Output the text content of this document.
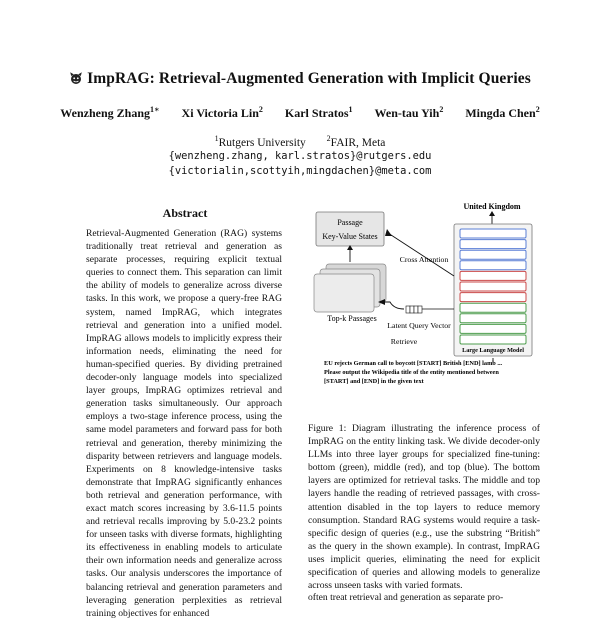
ImpRAG: Retrieval-Augmented Generation with Implicit Queries
Wenzheng Zhang$^{1∗}$ Xi Victoria Lin$^2$ Karl Stratos$^1$ Wen-tau Yih$^2$ Mingda Chen$^2$
$^1$Rutgers University	$^2$FAIR, Meta
{wenzheng.zhang, karl.stratos}@rutgers.edu
{victorialin,scottyih,mingdachen}@meta.com
Abstract
Retrieval-Augmented Generation (RAG) systems traditionally treat retrieval and generation as separate processes, requiring explicit textual queries to connect them. This separation can limit the ability of models to generalize across diverse tasks. In this work, we propose a query-free RAG system, named ImpRAG, which integrates retrieval and generation into a unified model. ImpRAG allows models to implicitly express their information needs, eliminating the need for human-specified queries. By dividing pretrained decoder-only language models into specialized layer groups, ImpRAG optimizes retrieval and generation tasks simultaneously. Our approach employs a two-stage inference process, using the same model parameters and forward pass for both retrieval and generation, thereby minimizing the disparity between retrievers and language models. Experiments on 8 knowledge-intensive tasks demonstrate that ImpRAG significantly enhances both retrieval and generation performance, with exact match scores increasing by 3.6-11.5 points and retrieval recalls improving by 5.0-23.2 points for unseen tasks with diverse formats, highlighting its effectiveness in enabling models to articulate their own information needs and generalize across tasks. Our analysis underscores the importance of balancing retrieval and generation parameters and leveraging generation perplexities as retrieval training objectives for enhanced
Passage
Key-Value States
Top-k Passages
United Kingdom
Large Language Model
Cross Attention
Latent Query Vector
Retrieve
EU rejects German call to boycott [START] British [END] lamb ...
Please output the Wikipedia title of the entity mentioned between
[START] and [END] in the given text
Figure 1: Diagram illustrating the inference process of ImpRAG on the entity linking task. We divide decoder-only LLMs into three layer groups for specialized fine-tuning: bottom (green), middle (red), and top (blue). The bottom layers are optimized for retrieval tasks. The middle and top layers handle the reading of retrieved passages, with cross-attention disabled in the top layers to reduce memory consumption. Standard RAG systems would require a task-specific design of queries (e.g., use the substring “British” as the query in the shown example). In contrast, ImpRAG uses implicit queries, eliminating the need for explicit specification of queries and allowing models to generalize across unseen tasks with varied formats.
often treat retrieval and generation as separate pro-
